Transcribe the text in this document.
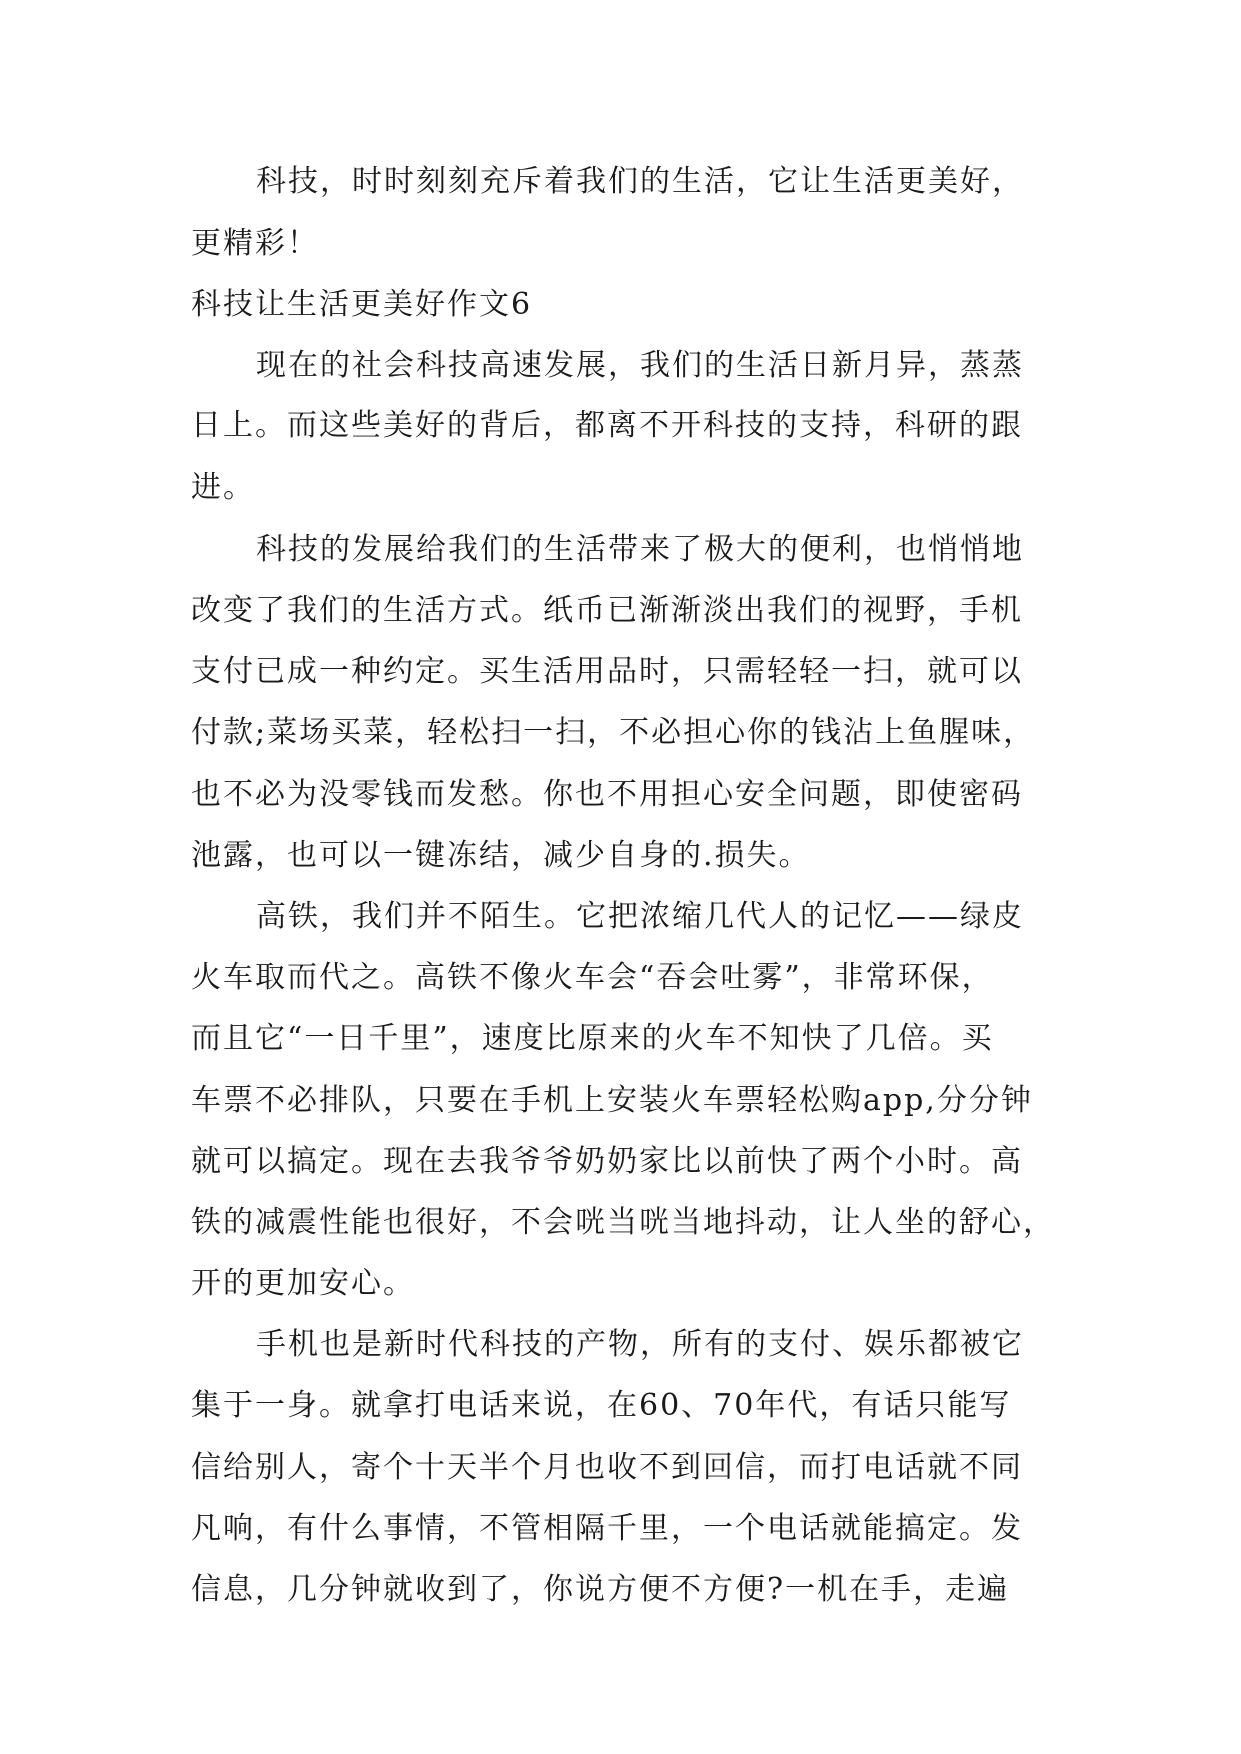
科技，时时刻刻充斥着我们的生活，它让生活更美好，
更精彩！
科技让生活更美好作文6
现在的社会科技高速发展，我们的生活日新月异，蒸蒸
日上。而这些美好的背后，都离不开科技的支持，科研的跟
进。
科技的发展给我们的生活带来了极大的便利，也悄悄地
改变了我们的生活方式。纸币已渐渐淡出我们的视野，手机
支付已成一种约定。买生活用品时，只需轻轻一扫，就可以
付款;菜场买菜，轻松扫一扫，不必担心你的钱沾上鱼腥味，
也不必为没零钱而发愁。你也不用担心安全问题，即使密码
池露，也可以一键冻结，减少自身的.损失。
高铁，我们并不陌生。它把浓缩几代人的记忆——绿皮
火车取而代之。高铁不像火车会“吞会吐雾”，非常环保，
而且它“一日千里”，速度比原来的火车不知快了几倍。买
车票不必排队，只要在手机上安装火车票轻松购app,分分钟
就可以搞定。现在去我爷爷奶奶家比以前快了两个小时。高
铁的减震性能也很好，不会咣当咣当地抖动，让人坐的舒心，
开的更加安心。
手机也是新时代科技的产物，所有的支付、娱乐都被它
集于一身。就拿打电话来说，在60、70年代，有话只能写
信给别人，寄个十天半个月也收不到回信，而打电话就不同
凡响，有什么事情，不管相隔千里，一个电话就能搞定。发
信息，几分钟就收到了，你说方便不方便?一机在手，走遍
